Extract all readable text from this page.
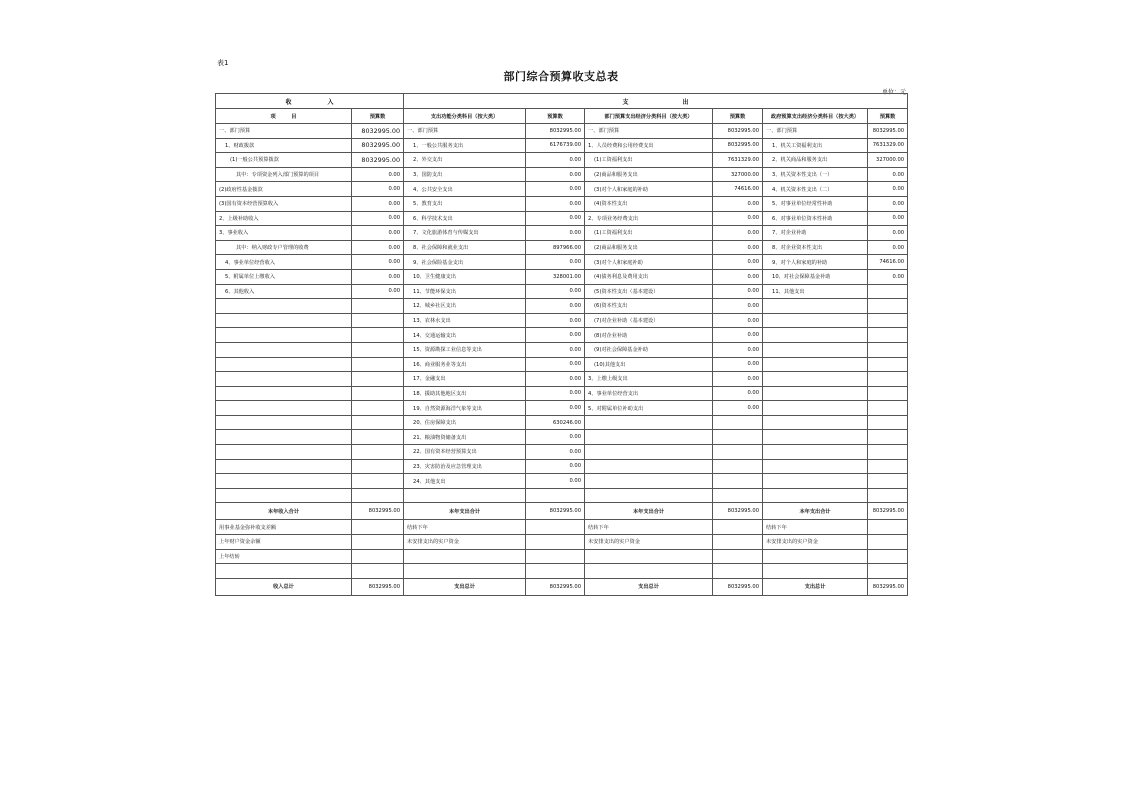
表1
部门综合预算收支总表
单位：元
收　　　　　　入		支　　　　　　　　　出					
项　　　目	预算数	支出功能分类科目（按大类）	预算数	部门预算支出经济分类科目（按大类）	预算数	政府预算支出经济分类科目（按大类）	预算数
一、部门预算	8032995.00	一、部门预算	8032995.00	一、部门预算	8032995.00	一、部门预算	8032995.00
1、财政拨款	8032995.00	1、一般公共服务支出	6176739.00	1、人员经费和公用经费支出	8032995.00	1、机关工资福利支出	7631329.00
(1)一般公共预算拨款	8032995.00	2、外交支出	0.00	(1)工资福利支出	7631329.00	2、机关商品和服务支出	327000.00
其中：专项资金列入部门预算的项目	0.00	3、国防支出	0.00	(2)商品和服务支出	327000.00	3、机关资本性支出（一）	0.00
(2)政府性基金拨款	0.00	4、公共安全支出	0.00	(3)对个人和家庭的补助	74616.00	4、机关资本性支出（二）	0.00
(3)国有资本经营预算收入	0.00	5、教育支出	0.00	(4)资本性支出	0.00	5、对事业单位经常性补助	0.00
2、上级补助收入	0.00	6、科学技术支出	0.00	2、专项业务经费支出	0.00	6、对事业单位资本性补助	0.00
3、事业收入	0.00	7、文化旅游体育与传媒支出	0.00	(1)工资福利支出	0.00	7、对企业补助	0.00
其中：纳入财政专户管理的收费	0.00	8、社会保障和就业支出	897966.00	(2)商品和服务支出	0.00	8、对企业资本性支出	0.00
4、事业单位经营收入	0.00	9、社会保险基金支出	0.00	(3)对个人和家庭补助	0.00	9、对个人和家庭的补助	74616.00
5、附属单位上缴收入	0.00	10、卫生健康支出	328001.00	(4)债务利息及费用支出	0.00	10、对社会保障基金补助	0.00
6、其他收入	0.00	11、节能环保支出	0.00	(5)资本性支出（基本建设）	0.00	11、其他支出	
		12、城乡社区支出	0.00	(6)资本性支出	0.00		
		13、农林水支出	0.00	(7)对企业补助（基本建设）	0.00		
		14、交通运输支出	0.00	(8)对企业补助	0.00		
		15、资源勘探工业信息等支出	0.00	(9)对社会保障基金补助	0.00		
		16、商业服务业等支出	0.00	(10)其他支出	0.00		
		17、金融支出	0.00	3、上缴上级支出	0.00		
		18、援助其他地区支出	0.00	4、事业单位经营支出	0.00		
		19、自然资源海洋气象等支出	0.00	5、对附属单位补助支出	0.00		
		20、住房保障支出	630246.00				
		21、粮油物资储备支出	0.00				
		22、国有资本经营预算支出	0.00				
		23、灾害防治及应急管理支出	0.00				
		24、其他支出	0.00				

本年收入合计	8032995.00	本年支出合计	8032995.00	本年支出合计	8032995.00	本年支出合计	8032995.00
用事业基金弥补收支差额		结转下年		结转下年		结转下年	
上年财户资金余额		未安排支出的实户资金		未安排支出的实户资金		未安排支出的实户资金	
上年结转							

收入总计	8032995.00	支出总计	8032995.00	支出总计	8032995.00	支出总计	8032995.00
